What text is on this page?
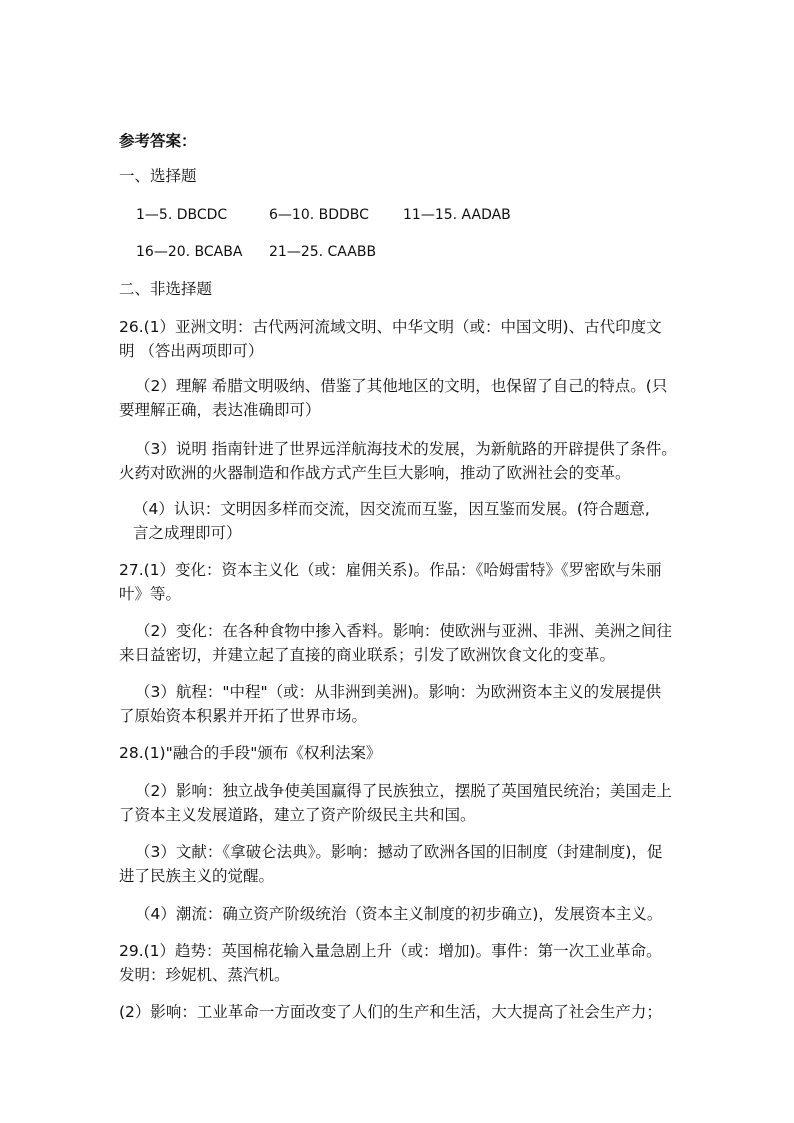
参考答案：
一、选择题
1—5. DBCDC	6—10. BDDBC 11—15. AADAB
16—20. BCABA 21—25. CAABB
二、非选择题
26.(1）亚洲文明：古代两河流域文明、中华文明（或：中国文明)、古代印度文
明 （答出两项即可）
（2）理解 希腊文明吸纳、借鉴了其他地区的文明，也保留了自己的特点。(只
要理解正确，表达准确即可）
（3）说明 指南针进了世界远洋航海技术的发展，为新航路的开辟提供了条件。
火药对欧洲的火器制造和作战方式产生巨大影响，推动了欧洲社会的变革。
（4）认识：文明因多样而交流，因交流而互鉴，因互鉴而发展。(符合题意,
言之成理即可）
27.(1）变化：资本主义化（或：雇佣关系)。作品：《哈姆雷特》《罗密欧与朱丽
叶》等。
（2）变化：在各种食物中掺入香料。影响：使欧洲与亚洲、非洲、美洲之间往
来日益密切，并建立起了直接的商业联系；引发了欧洲饮食文化的变革。
（3）航程："中程"（或：从非洲到美洲)。影响：为欧洲资本主义的发展提供
了原始资本积累并开拓了世界市场。
28.(1)"融合的手段"颁布《权利法案》
（2）影响：独立战争使美国赢得了民族独立，摆脱了英国殖民统治；美国走上
了资本主义发展道路，建立了资产阶级民主共和国。
（3）文献：《拿破仑法典》。影响：撼动了欧洲各国的旧制度（封建制度)，促
进了民族主义的觉醒。
（4）潮流：确立资产阶级统治（资本主义制度的初步确立)，发展资本主义。
29.(1）趋势：英国棉花输入量急剧上升（或：增加)。事件：第一次工业革命。
发明：珍妮机、蒸汽机。
(2）影响：工业革命一方面改变了人们的生产和生活，大大提高了社会生产力；
